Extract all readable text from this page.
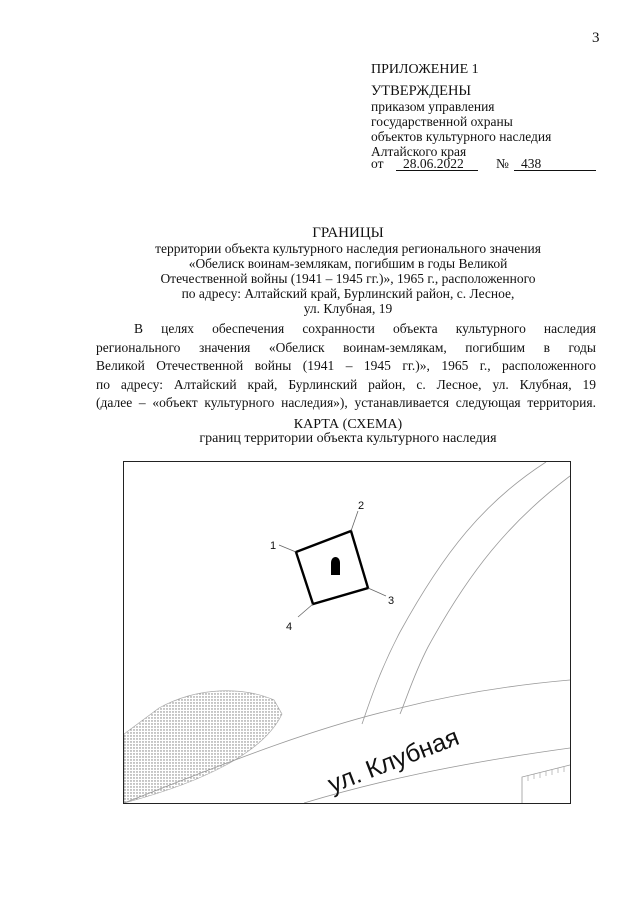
3
ПРИЛОЖЕНИЕ 1
УТВЕРЖДЕНЫ
приказом управления
государственной охраны
объектов культурного наследия
Алтайского края
от 28.06.2022 № 438
ГРАНИЦЫ
территории объекта культурного наследия регионального значения
«Обелиск воинам-землякам, погибшим в годы Великой
Отечественной войны (1941 – 1945 гг.)», 1965 г., расположенного
по адресу: Алтайский край, Бурлинский район, с. Лесное,
ул. Клубная, 19
В целях обеспечения сохранности объекта культурного наследия
регионального значения «Обелиск воинам-землякам, погибшим в годы
Великой Отечественной войны (1941 – 1945 гг.)», 1965 г., расположенного
по адресу: Алтайский край, Бурлинский район, с. Лесное, ул. Клубная, 19
(далее – «объект культурного наследия»), устанавливается следующая территория.
КАРТА (СХЕМА)
границ территории объекта культурного наследия
1
2
3
4
ул. Клубная
